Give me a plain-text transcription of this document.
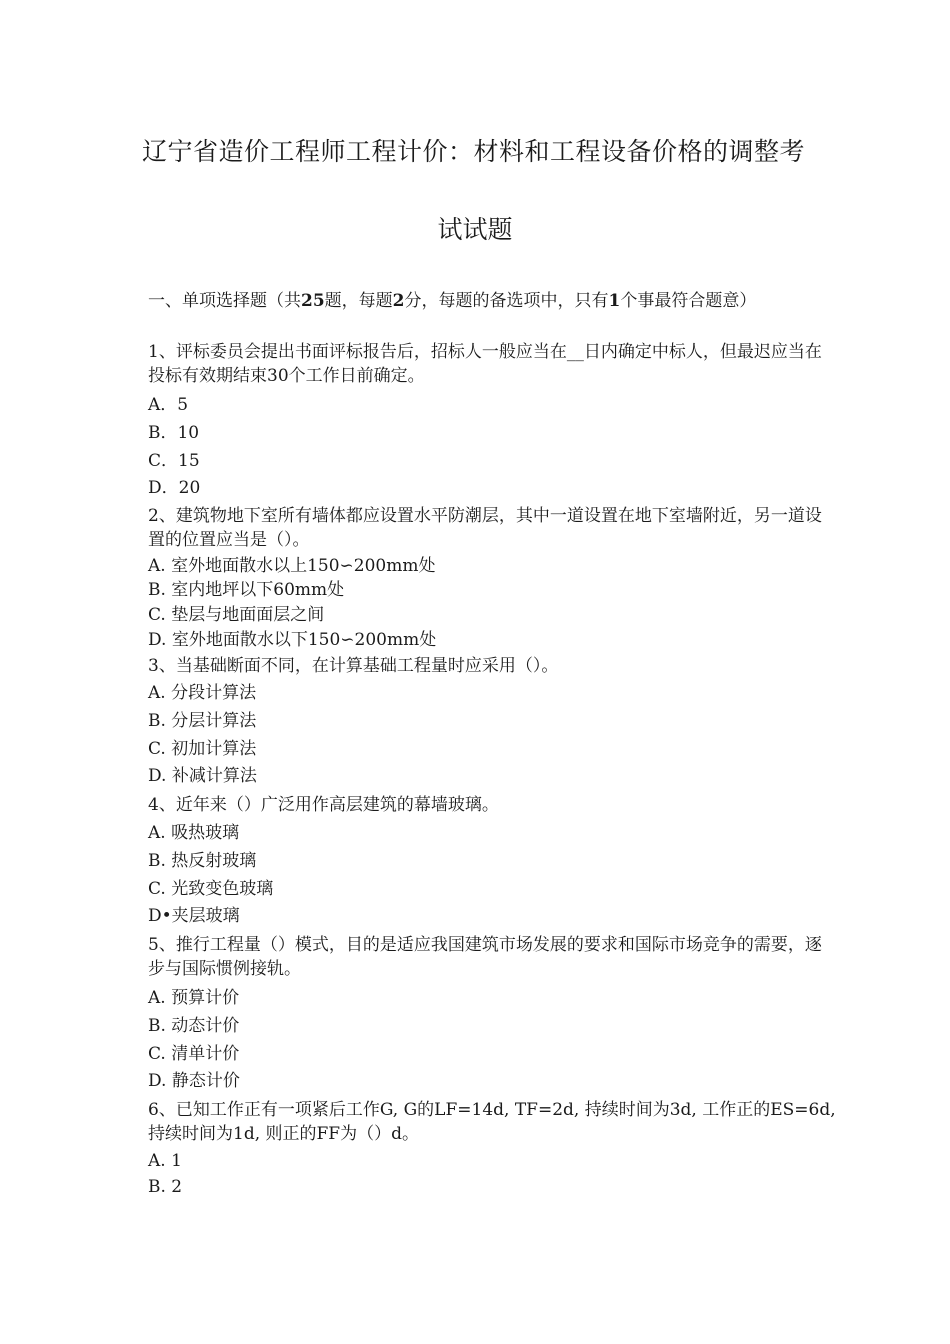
辽宁省造价工程师工程计价：材料和工程设备价格的调整考
试试题
一、单项选择题（共25题，每题2分，每题的备选项中，只有1个事最符合题意）
1、评标委员会提出书面评标报告后，招标人一般应当在__日内确定中标人，但最迟应当在投标有效期结束30个工作日前确定。
A．5
B．10
C．15
D．20
2、建筑物地下室所有墙体都应设置水平防潮层，其中一道设置在地下室墙附近，另一道设置的位置应当是（）。
A. 室外地面散水以上150∽200mm处
B. 室内地坪以下60mm处
C. 垫层与地面面层之间
D. 室外地面散水以下150∽200mm处
3、当基础断面不同，在计算基础工程量时应采用（）。
A. 分段计算法
B. 分层计算法
C. 初加计算法
D. 补减计算法
4、近年来（）广泛用作高层建筑的幕墙玻璃。
A. 吸热玻璃
B. 热反射玻璃
C. 光致变色玻璃
D•夹层玻璃
5、推行工程量（）模式，目的是适应我国建筑市场发展的要求和国际市场竞争的需要，逐步与国际惯例接轨。
A. 预算计价
B. 动态计价
C. 清单计价
D. 静态计价
6、已知工作正有一项紧后工作G, G的LF=14d, TF=2d, 持续时间为3d, 工作正的ES=6d, 持续时间为1d, 则正的FF为（）d。
A. 1
B. 2
